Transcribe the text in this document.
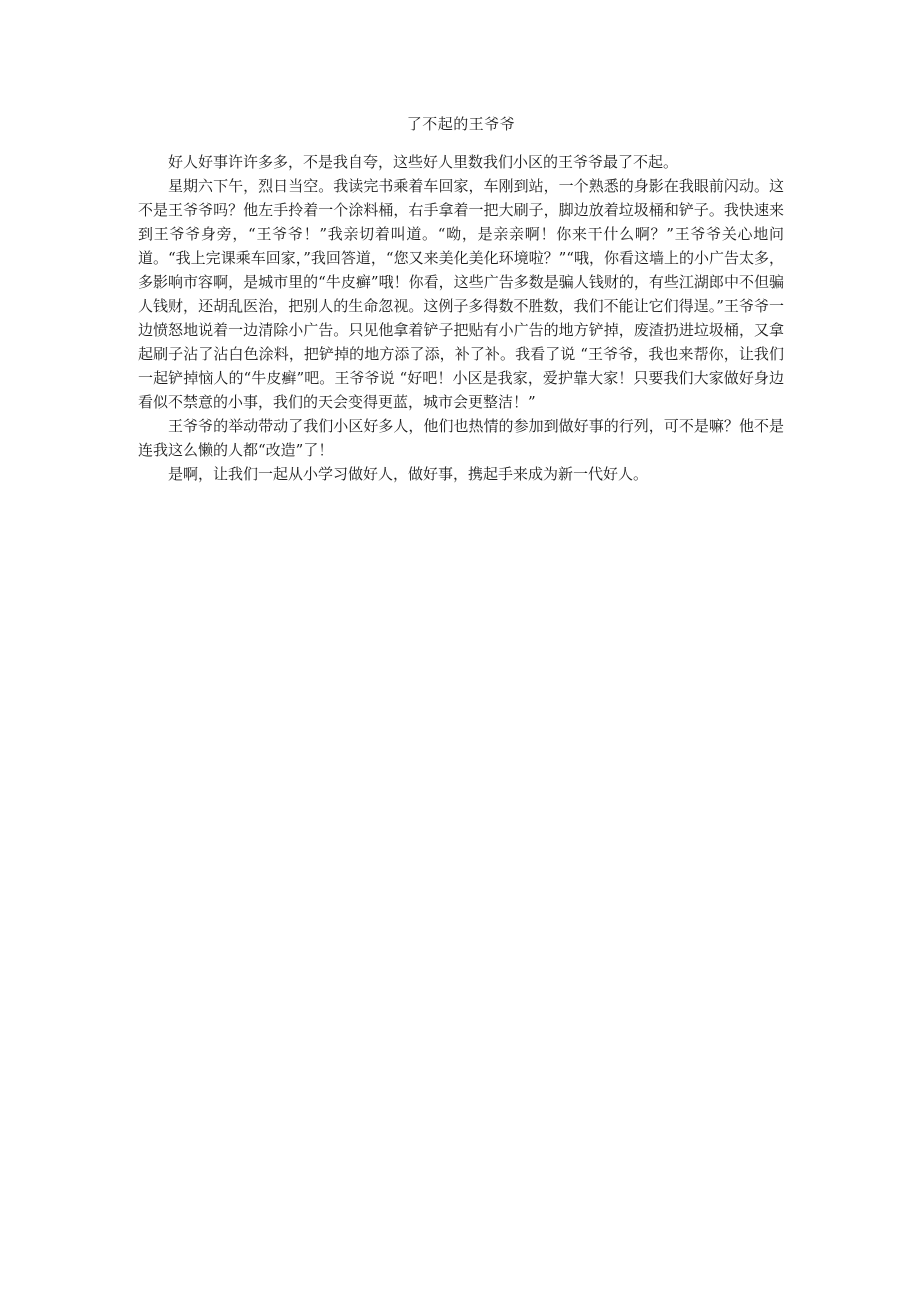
了不起的王爷爷

好人好事许许多多，不是我自夸，这些好人里数我们小区的王爷爷最了不起。

星期六下午，烈日当空。我读完书乘着车回家，车刚到站，一个熟悉的身影在我眼前闪动。这不是王爷爷吗？他左手拎着一个涂料桶，右手拿着一把大刷子，脚边放着垃圾桶和铲子。我快速来到王爷爷身旁，“王爷爷！”我亲切着叫道。“呦，是亲亲啊！你来干什么啊？”王爷爷关心地问道。“我上完课乘车回家，”我回答道，“您又来美化美化环境啦？”“哦，你看这墙上的小广告太多，多影响市容啊，是城市里的“牛皮癣”哦！你看，这些广告多数是骗人钱财的，有些江湖郎中不但骗人钱财，还胡乱医治，把别人的生命忽视。这例子多得数不胜数，我们不能让它们得逞。”王爷爷一边愤怒地说着一边清除小广告。只见他拿着铲子把贴有小广告的地方铲掉，废渣扔进垃圾桶，又拿起刷子沾了沾白色涂料，把铲掉的地方添了添，补了补。我看了说 “王爷爷，我也来帮你，让我们一起铲掉恼人的“牛皮癣”吧。王爷爷说 “好吧！小区是我家，爱护靠大家！只要我们大家做好身边看似不禁意的小事，我们的天会变得更蓝，城市会更整洁！”

王爷爷的举动带动了我们小区好多人，他们也热情的参加到做好事的行列，可不是嘛？他不是连我这么懒的人都“改造”了！

是啊，让我们一起从小学习做好人，做好事，携起手来成为新一代好人。
